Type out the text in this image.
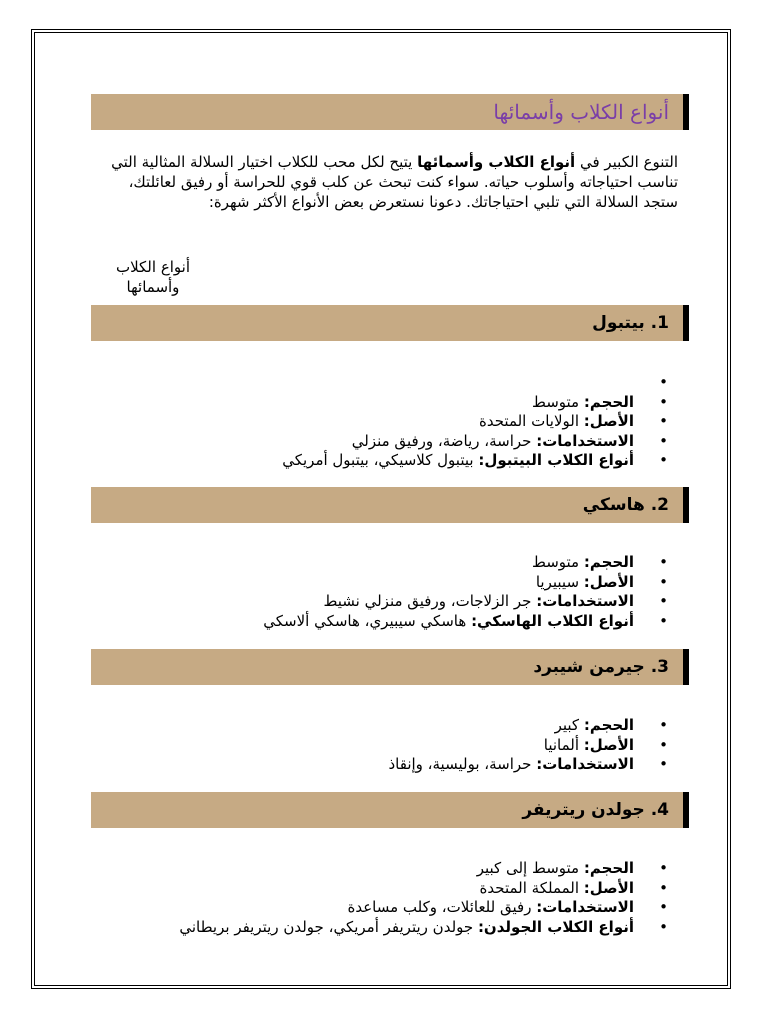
أنواع الكلاب وأسمائها
التنوع الكبير في أنواع الكلاب وأسمائها يتيح لكل محب للكلاب اختيار السلالة المثالية التي تناسب احتياجاته وأسلوب حياته. سواء كنت تبحث عن كلب قوي للحراسة أو رفيق لعائلتك، ستجد السلالة التي تلبي احتياجاتك. دعونا نستعرض بعض الأنواع الأكثر شهرة:
أنواع الكلاب وأسمائها
1. بيتبول
•
•
الحجم: متوسط
•
الأصل: الولايات المتحدة
•
الاستخدامات: حراسة، رياضة، ورفيق منزلي
•
أنواع الكلاب البيتبول: بيتبول كلاسيكي، بيتبول أمريكي
2. هاسكي
•
الحجم: متوسط
•
الأصل: سيبيريا
•
الاستخدامات: جر الزلاجات، ورفيق منزلي نشيط
•
أنواع الكلاب الهاسكي: هاسكي سيبيري، هاسكي ألاسكي
3. جيرمن شيبرد
•
الحجم: كبير
•
الأصل: ألمانيا
•
الاستخدامات: حراسة، بوليسية، وإنقاذ
4. جولدن ريتريفر
•
الحجم: متوسط إلى كبير
•
الأصل: المملكة المتحدة
•
الاستخدامات: رفيق للعائلات، وكلب مساعدة
•
أنواع الكلاب الجولدن: جولدن ريتريفر أمريكي، جولدن ريتريفر بريطاني
